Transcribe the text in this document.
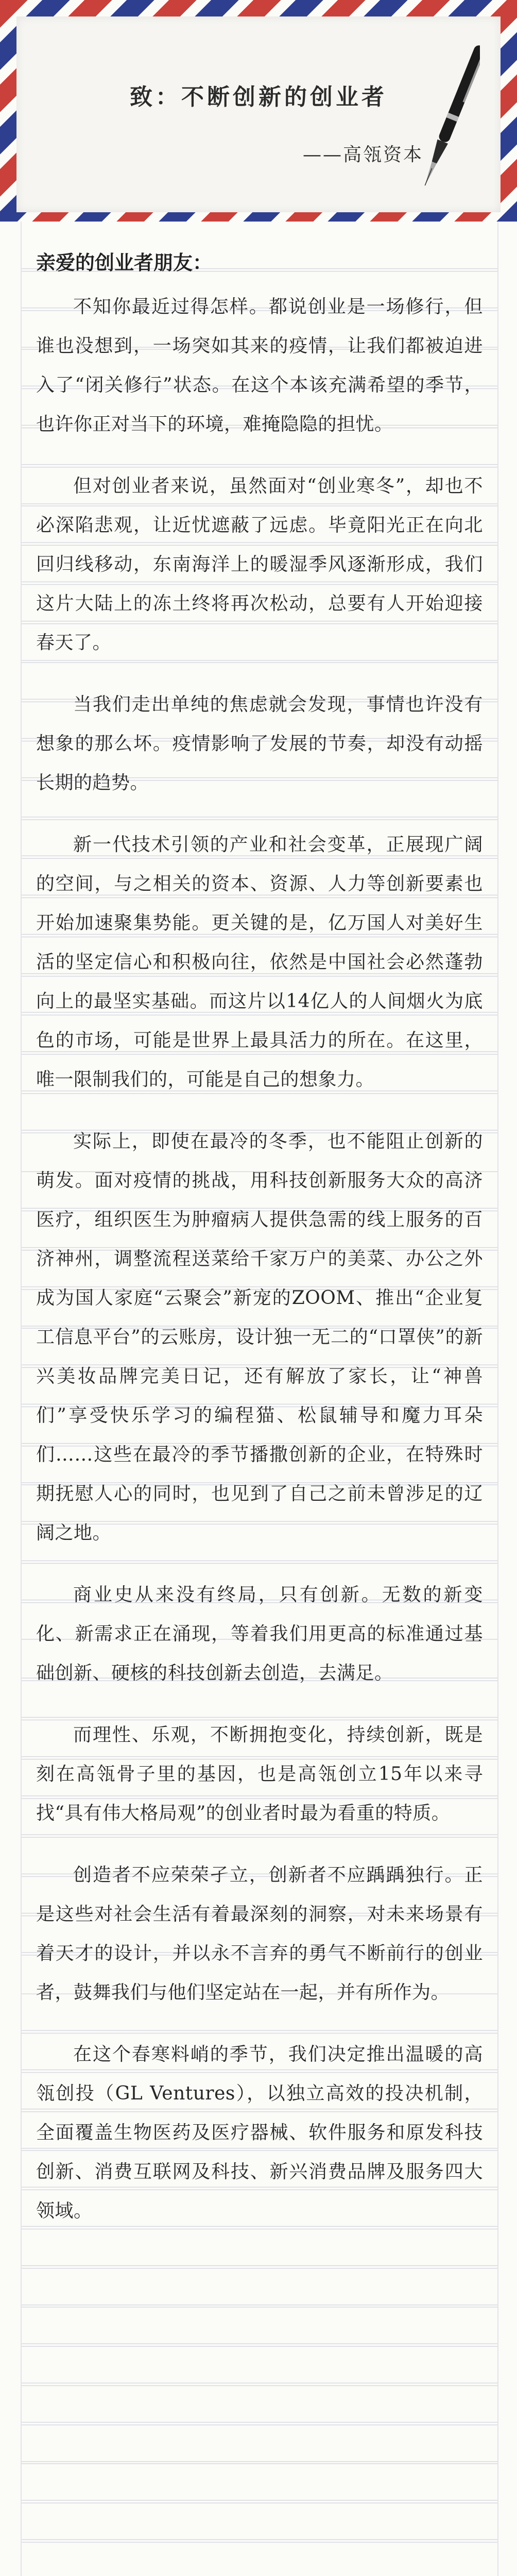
致：不断创新的创业者
——高瓴资本

亲爱的创业者朋友：

不知你最近过得怎样。都说创业是一场修行，但谁也没想到，一场突如其来的疫情，让我们都被迫进入了“闭关修行”状态。在这个本该充满希望的季节，也许你正对当下的环境，难掩隐隐的担忧。

但对创业者来说，虽然面对“创业寒冬”，却也不必深陷悲观，让近忧遮蔽了远虑。毕竟阳光正在向北回归线移动，东南海洋上的暖湿季风逐渐形成，我们这片大陆上的冻土终将再次松动，总要有人开始迎接春天了。

当我们走出单纯的焦虑就会发现，事情也许没有想象的那么坏。疫情影响了发展的节奏，却没有动摇长期的趋势。

新一代技术引领的产业和社会变革，正展现广阔的空间，与之相关的资本、资源、人力等创新要素也开始加速聚集势能。更关键的是，亿万国人对美好生活的坚定信心和积极向往，依然是中国社会必然蓬勃向上的最坚实基础。而这片以14亿人的人间烟火为底色的市场，可能是世界上最具活力的所在。在这里，唯一限制我们的，可能是自己的想象力。

实际上，即使在最冷的冬季，也不能阻止创新的萌发。面对疫情的挑战，用科技创新服务大众的高济医疗，组织医生为肿瘤病人提供急需的线上服务的百济神州，调整流程送菜给千家万户的美菜、办公之外成为国人家庭“云聚会”新宠的ZOOM、推出“企业复工信息平台”的云账房，设计独一无二的“口罩侠”的新兴美妆品牌完美日记，还有解放了家长，让“神兽们”享受快乐学习的编程猫、松鼠辅导和魔力耳朵们……这些在最冷的季节播撒创新的企业，在特殊时期抚慰人心的同时，也见到了自己之前未曾涉足的辽阔之地。

商业史从来没有终局，只有创新。无数的新变化、新需求正在涌现，等着我们用更高的标准通过基础创新、硬核的科技创新去创造，去满足。

而理性、乐观，不断拥抱变化，持续创新，既是刻在高瓴骨子里的基因，也是高瓴创立15年以来寻找“具有伟大格局观”的创业者时最为看重的特质。

创造者不应荣荣孑立，创新者不应踽踽独行。正是这些对社会生活有着最深刻的洞察，对未来场景有着天才的设计，并以永不言弃的勇气不断前行的创业者，鼓舞我们与他们坚定站在一起，并有所作为。

在这个春寒料峭的季节，我们决定推出温暖的高瓴创投（GL Ventures），以独立高效的投决机制，全面覆盖生物医药及医疗器械、软件服务和原发科技创新、消费互联网及科技、新兴消费品牌及服务四大领域。
